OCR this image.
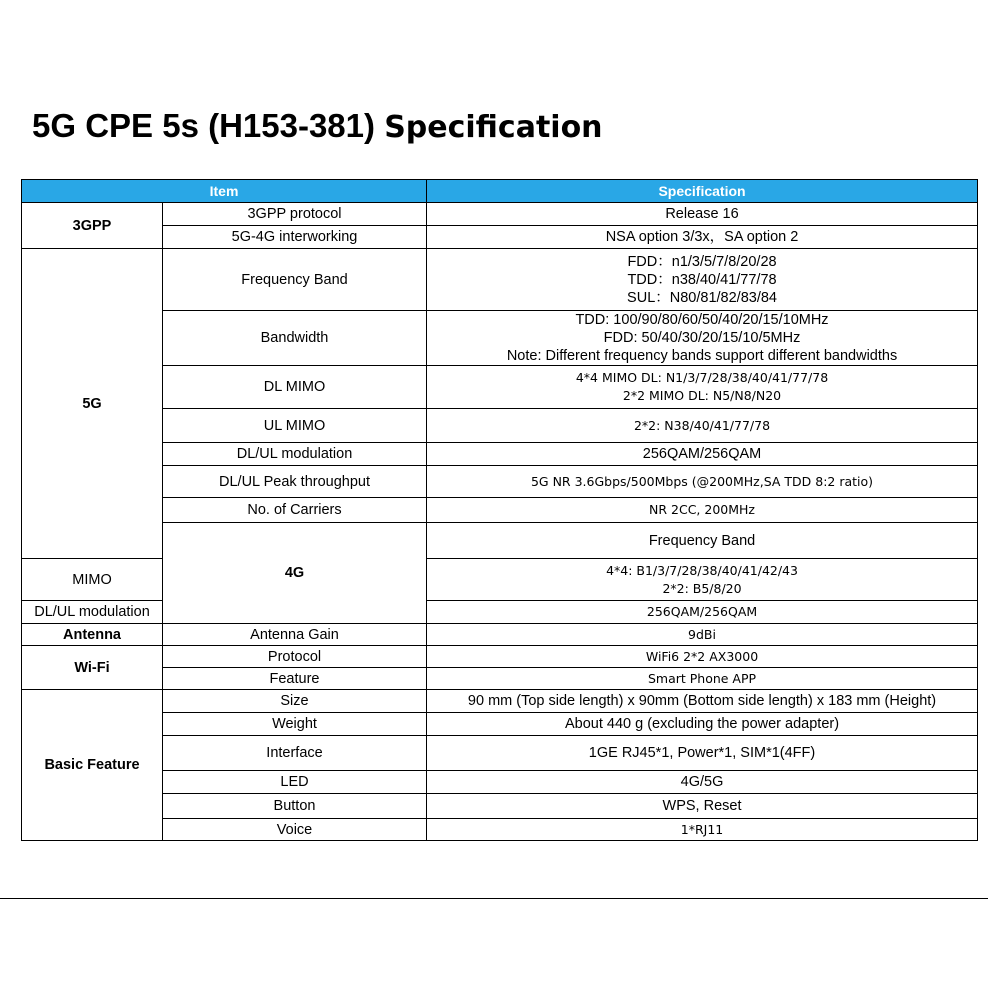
5G CPE 5s (H153-381) Specification
Item		Specification	
3GPP	3GPP protocol	Release 16	

	5G-4G interworking	NSA option 3/3x，SA option 2	

5G	Frequency Band	FDD：n1/3/5/7/8/20/28
TDD：n38/40/41/77/78
SUL：N80/81/82/83/84	

	Bandwidth	TDD: 100/90/80/60/50/40/20/15/10MHz
FDD: 50/40/30/20/15/10/5MHz
Note: Different frequency bands support different bandwidths	

	DL MIMO	4*4 MIMO DL: N1/3/7/28/38/40/41/77/78
2*2 MIMO DL: N5/N8/N20	

	UL MIMO	2*2: N38/40/41/77/78	

	DL/UL modulation	256QAM/256QAM	

	DL/UL Peak throughput	5G NR 3.6Gbps/500Mbps (@200MHz,SA TDD 8:2 ratio)	

	No. of Carriers	NR 2CC, 200MHz	

	4G	Frequency Band	

MIMO		4*4: B1/3/7/28/38/40/41/42/43
2*2: B5/8/20	

DL/UL modulation		256QAM/256QAM	

Antenna	Antenna Gain	9dBi	

Wi-Fi	Protocol	WiFi6 2*2 AX3000	

	Feature	Smart Phone APP	

Basic Feature	Size	90 mm (Top side length) x 90mm (Bottom side length) x 183 mm (Height)	

	Weight	About 440 g (excluding the power adapter)	

	Interface	1GE RJ45*1, Power*1, SIM*1(4FF)	

	LED	4G/5G	

	Button	WPS, Reset	

	Voice	1*RJ11	
